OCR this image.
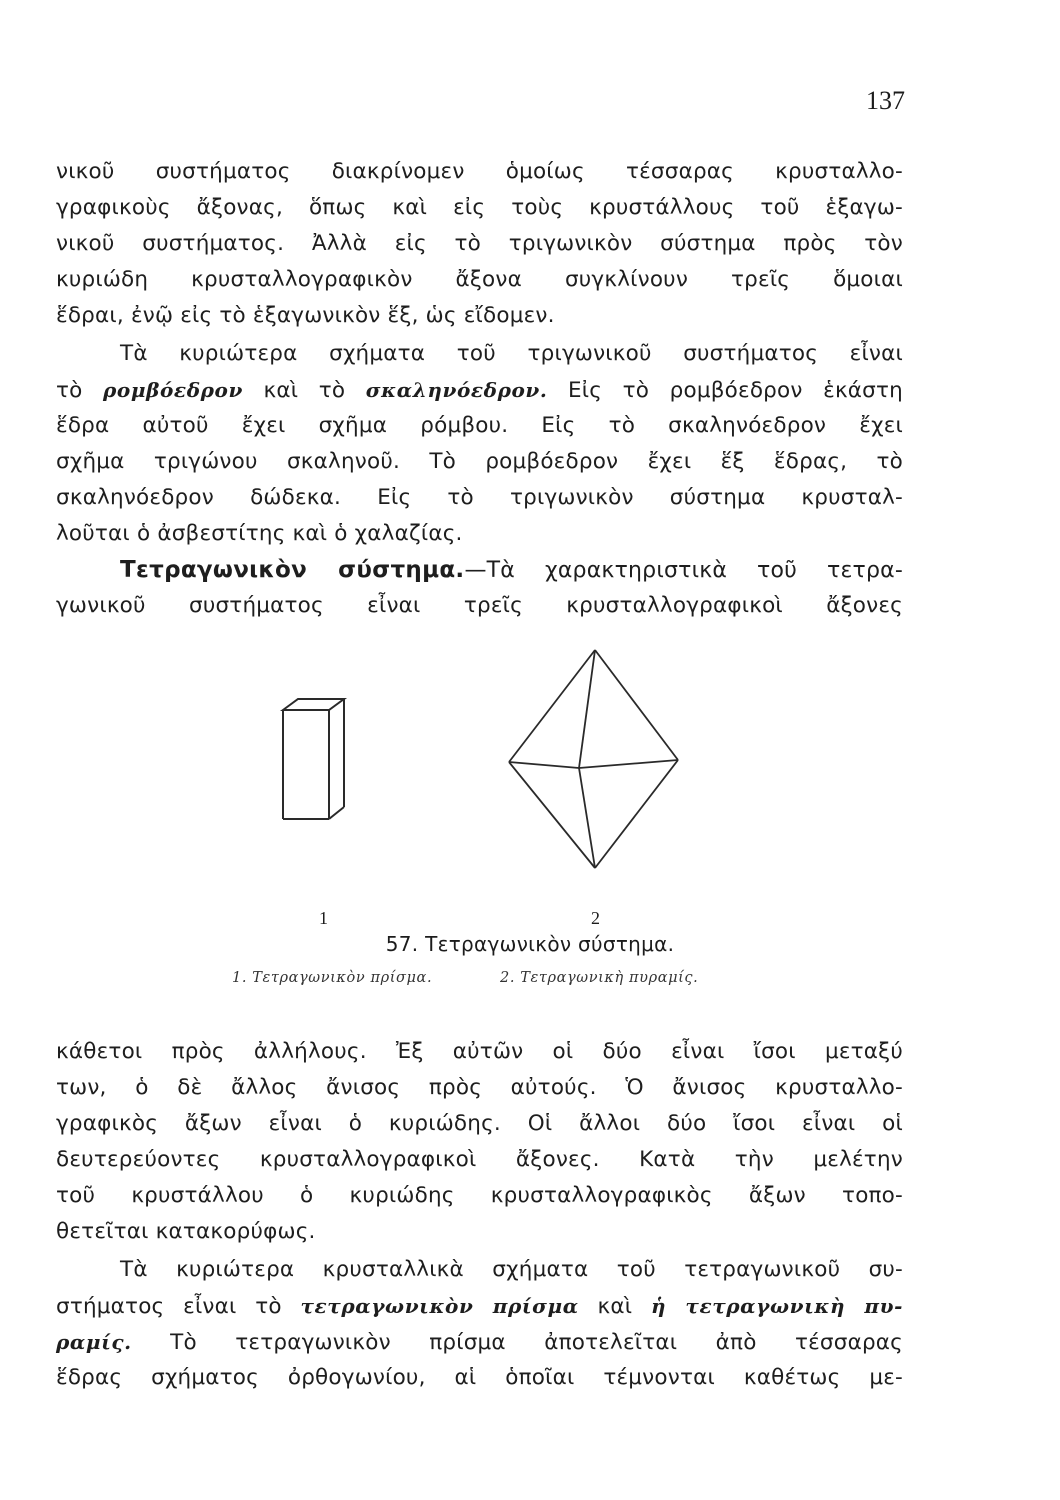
137
νικοῦ συστήματος διακρίνομεν ὁμοίως τέσσαρας κρυσταλλο-
γραφικοὺς ἄξονας, ὅπως καὶ εἰς τοὺς κρυστάλλους τοῦ ἑξαγω-
νικοῦ συστήματος. Ἀλλὰ εἰς τὸ τριγωνικὸν σύστημα πρὸς τὸν
κυριώδη κρυσταλλογραφικὸν ἄξονα συγκλίνουν τρεῖς ὅμοιαι
ἕδραι, ἐνῷ εἰς τὸ ἑξαγωνικὸν ἕξ, ὡς εἴδομεν.
Τὰ κυριώτερα σχήματα τοῦ τριγωνικοῦ συστήματος εἶναι
τὸ ρομβόεδρον καὶ τὸ σκαληνόεδρον. Εἰς τὸ ρομβόεδρον ἑκάστη
ἕδρα αὐτοῦ ἔχει σχῆμα ρόμβου. Εἰς τὸ σκαληνόεδρον ἔχει
σχῆμα τριγώνου σκαληνοῦ. Τὸ ρομβόεδρον ἔχει ἕξ ἕδρας, τὸ
σκαληνόεδρον δώδεκα. Εἰς τὸ τριγωνικὸν σύστημα κρυσταλ-
λοῦται ὁ ἀσβεστίτης καὶ ὁ χαλαζίας.
Τετραγωνικὸν σύστημα.—Τὰ χαρακτηριστικὰ τοῦ τετρα-
γωνικοῦ συστήματος εἶναι τρεῖς κρυσταλλογραφικοὶ ἄξονες
1	2
57. Τετραγωνικὸν σύστημα.
1. Τετραγωνικὸν πρίσμα.	2. Τετραγωνικὴ πυραμίς.
κάθετοι πρὸς ἀλλήλους. Ἐξ αὐτῶν οἱ δύο εἶναι ἴσοι μεταξύ
των, ὁ δὲ ἄλλος ἄνισος πρὸς αὐτούς. Ὁ ἄνισος κρυσταλλο-
γραφικὸς ἄξων εἶναι ὁ κυριώδης. Οἱ ἄλλοι δύο ἴσοι εἶναι οἱ
δευτερεύοντες κρυσταλλογραφικοὶ ἄξονες. Κατὰ τὴν μελέτην
τοῦ κρυστάλλου ὁ κυριώδης κρυσταλλογραφικὸς ἄξων τοπο-
θετεῖται κατακορύφως.
Τὰ κυριώτερα κρυσταλλικὰ σχήματα τοῦ τετραγωνικοῦ συ-
στήματος εἶναι τὸ τετραγωνικὸν πρίσμα καὶ ἡ τετραγωνικὴ πυ-
ραμίς. Τὸ τετραγωνικὸν πρίσμα ἀποτελεῖται ἀπὸ τέσσαρας
ἕδρας σχήματος ὀρθογωνίου, αἱ ὁποῖαι τέμνονται καθέτως με-
